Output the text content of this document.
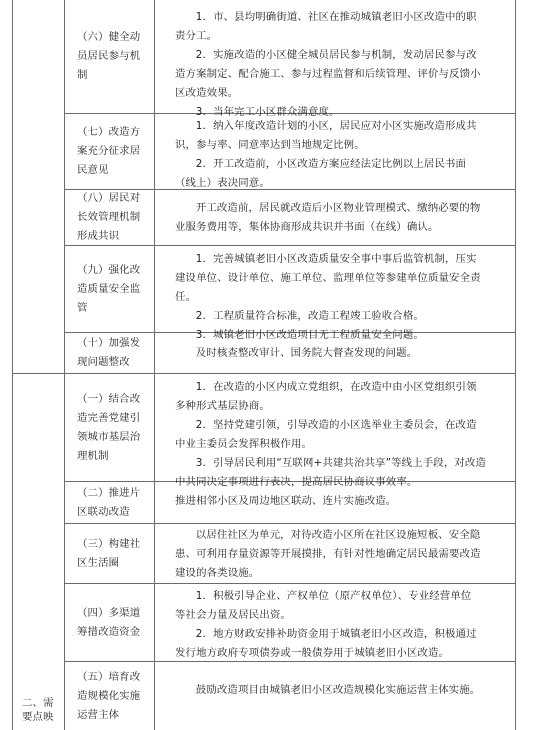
（六）健全动
员居民参与机
制
（七）改造方
案充分征求居
民意见
（八）居民对
长效管理机制
形成共识
（九）强化改
造质量安全监
管
（十）加强发
现问题整改
（一）结合改
造完善党建引
领城市基层治
理机制
（二）推进片
区联动改造
（三）构建社
区生活圈
（四）多渠道
筹措改造资金
（五）培育改
造规模化实施
运营主体

1．市、县均明确街道、社区在推动城镇老旧小区改造中的职

责分工。

2．实施改造的小区健全城员居民参与机制，发动居民参与改

造方案制定、配合施工、参与过程监督和后续管理、评价与反馈小

区改造效果。

3．当年完工小区群众满意度。

1．纳入年度改造计划的小区，居民应对小区实施改造形成共

识，参与率、同意率达到当地规定比例。

2．开工改造前，小区改造方案应经法定比例以上居民书面

（线上）表决同意。

开工改造前，居民就改造后小区物业管理模式、缴纳必要的物

业服务费用等，集体协商形成共识并书面（在线）确认。

1．完善城镇老旧小区改造质量安全事中事后监管机制，压实

建设单位、设计单位、施工单位、监理单位等参建单位质量安全责

任。

2．工程质量符合标准，改造工程竣工验收合格。

3．城镇老旧小区改造项目无工程质量安全问题。

及时核查整改审计、国务院大督查发现的问题。

1．在改造的小区内成立党组织，在改造中由小区党组织引领

多种形式基层协商。

2．坚持党建引领，引导改造的小区选举业主委员会，在改造

中业主委员会发挥积极作用。

3．引导居民利用“互联网+共建共治共享”等线上手段，对改造

中共同决定事项进行表决，提高居民协商议事效率。

推进相邻小区及周边地区联动、连片实施改造。

以居住社区为单元，对待改造小区所在社区设施短板、安全隐

患、可利用存量资源等开展摸排，有针对性地确定居民最需要改造

建设的各类设施。

1．积极引导企业、产权单位（原产权单位）、专业经营单位

等社会力量及居民出资。

2．地方财政安排补助资金用于城镇老旧小区改造，积极通过

发行地方政府专项债券或一般债券用于城镇老旧小区改造。

鼓励改造项目由城镇老旧小区改造规模化实施运营主体实施。

二、需
要点映
